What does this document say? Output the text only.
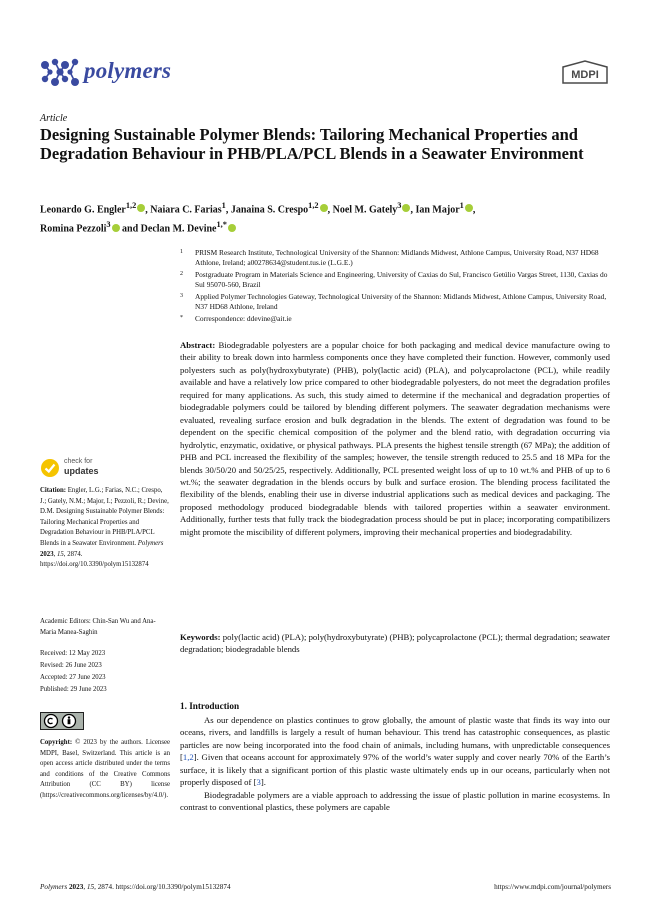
polymers	MDPI
Article
Designing Sustainable Polymer Blends: Tailoring Mechanical Properties and Degradation Behaviour in PHB/PLA/PCL Blends in a Seawater Environment
Leonardo G. Engler$^{1,2}$ , Naiara C. Farias$^1$, Janaina S. Crespo$^{1,2}$ , Noel M. Gately$^3$ , Ian Major$^1$ ,
Romina Pezzoli$^3$ and Declan M. Devine$^{1,*}$
1 PRISM Research Institute, Technological University of the Shannon: Midlands Midwest, Athlone Campus, University Road, N37 HD68 Athlone, Ireland; a00278634@student.tus.ie (L.G.E.)
2 Postgraduate Program in Materials Science and Engineering, University of Caxias do Sul, Francisco Getúlio Vargas Street, 1130, Caxias do Sul 95070-560, Brazil
3 Applied Polymer Technologies Gateway, Technological University of the Shannon: Midlands Midwest, Athlone Campus, University Road, N37 HD68 Athlone, Ireland
* Correspondence: ddevine@ait.ie
Abstract: Biodegradable polyesters are a popular choice for both packaging and medical device manufacture owing to their ability to break down into harmless components once they have completed their function. However, commonly used polyesters such as poly(hydroxybutyrate) (PHB), poly(lactic acid) (PLA), and polycaprolactone (PCL), while readily available and have a relatively low price compared to other biodegradable polyesters, do not meet the degradation profiles required for many applications. As such, this study aimed to determine if the mechanical and degradation properties of biodegradable polymers could be tailored by blending different polymers. The seawater degradation mechanisms were evaluated, revealing surface erosion and bulk degradation in the blends. The extent of degradation was found to be dependent on the specific chemical composition of the polymer and the blend ratio, with degradation occurring via hydrolytic, enzymatic, oxidative, or physical pathways. PLA presents the highest tensile strength (67 MPa); the addition of PHB and PCL increased the flexibility of the samples; however, the tensile strength reduced to 25.5 and 18 MPa for the blends 30/50/20 and 50/25/25, respectively. Additionally, PCL presented weight loss of up to 10 wt.% and PHB of up to 6 wt.%; the seawater degradation in the blends occurs by bulk and surface erosion. The blending process facilitated the flexibility of the blends, enabling their use in diverse industrial applications such as medical devices and packaging. The proposed methodology produced biodegradable blends with tailored properties within a seawater environment. Additionally, further tests that fully track the biodegradation process should be put in place; incorporating compatibilizers might promote the miscibility of different polymers, improving their mechanical properties and biodegradability.
Keywords: poly(lactic acid) (PLA); poly(hydroxybutyrate) (PHB); polycaprolactone (PCL); thermal degradation; seawater degradation; biodegradable blends
check for
updates
Citation: Engler, L.G.; Farias, N.C.; Crespo, J.; Gately, N.M.; Major, I.; Pezzoli, R.; Devine, D.M. Designing Sustainable Polymer Blends: Tailoring Mechanical Properties and Degradation Behaviour in PHB/PLA/PCL Blends in a Seawater Environment. Polymers 2023, 15, 2874. https://doi.org/10.3390/polym15132874
Academic Editors: Chin-San Wu and Ana-Maria Manea-Saghin
Received: 12 May 2023
Revised: 26 June 2023
Accepted: 27 June 2023
Published: 29 June 2023
Copyright: © 2023 by the authors. Licensee MDPI, Basel, Switzerland. This article is an open access article distributed under the terms and conditions of the Creative Commons Attribution (CC BY) license (https://creativecommons.org/licenses/by/4.0/).
1. Introduction

As our dependence on plastics continues to grow globally, the amount of plastic waste that finds its way into our oceans, rivers, and landfills is largely a result of human behaviour. This trend has catastrophic consequences, as plastic particles are now being incorporated into the food chain of animals, including humans, with unpredictable consequences [1,2]. Given that oceans account for approximately 97% of the world’s water supply and cover nearly 70% of the Earth’s surface, it is likely that a significant portion of this plastic waste ultimately ends up in our oceans, particularly when not properly disposed of [3].

Biodegradable polymers are a viable approach to addressing the issue of plastic pollution in marine ecosystems. In contrast to conventional plastics, these polymers are capable

Polymers 2023, 15, 2874. https://doi.org/10.3390/polym15132874	https://www.mdpi.com/journal/polymers
